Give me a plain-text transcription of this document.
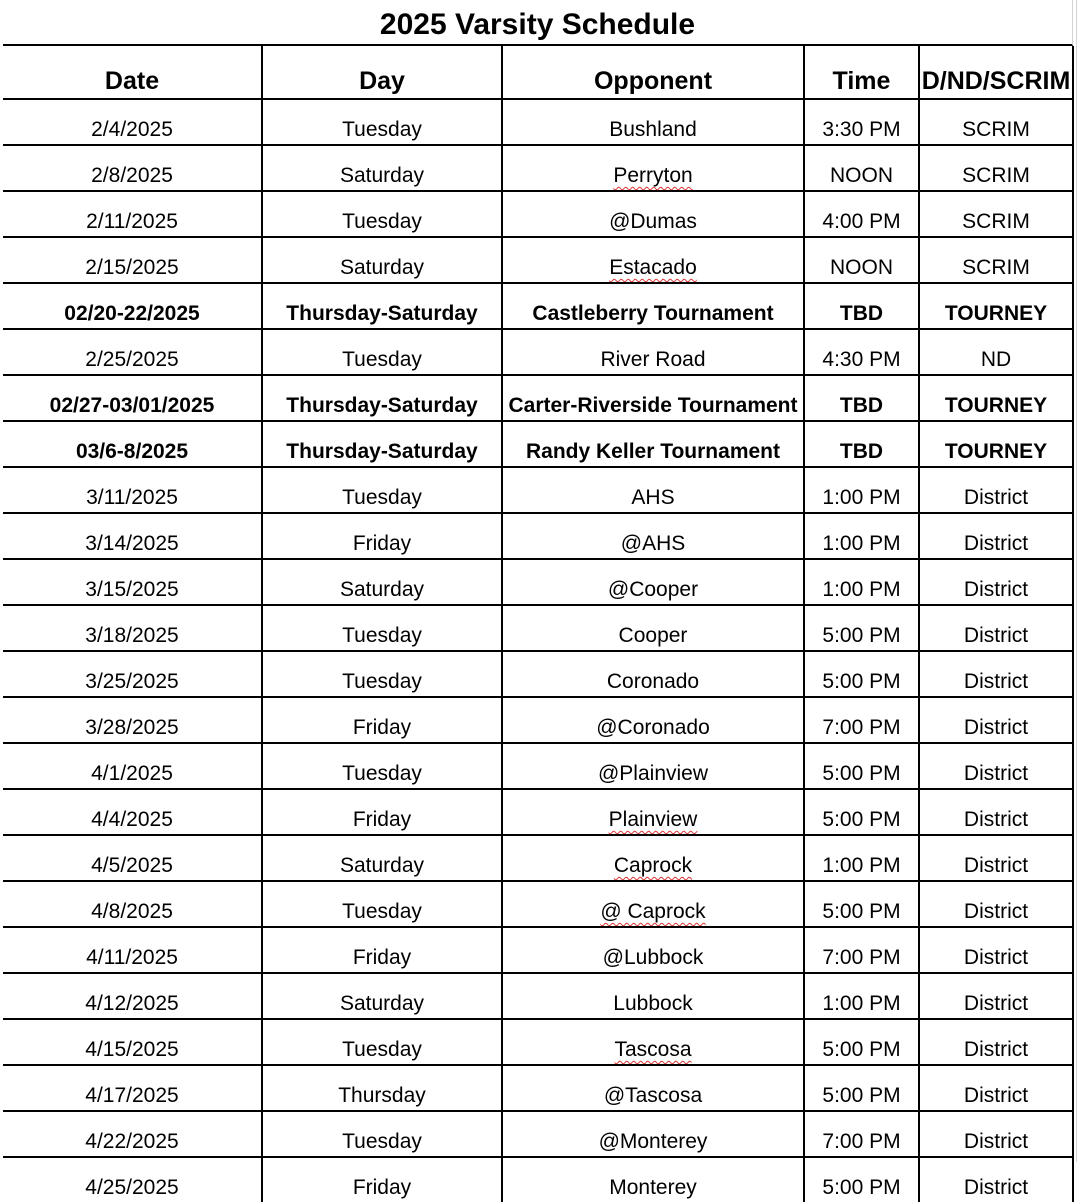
2025 Varsity Schedule
Date	Day	Opponent	Time	D/ND/SCRIM
2/4/2025	Tuesday	Bushland	3:30 PM	SCRIM
2/8/2025	Saturday	Perryton	NOON	SCRIM
2/11/2025	Tuesday	@Dumas	4:00 PM	SCRIM
2/15/2025	Saturday	Estacado	NOON	SCRIM
02/20-22/2025	Thursday-Saturday	Castleberry Tournament	TBD	TOURNEY
2/25/2025	Tuesday	River Road	4:30 PM	ND
02/27-03/01/2025	Thursday-Saturday	Carter-Riverside Tournament	TBD	TOURNEY
03/6-8/2025	Thursday-Saturday	Randy Keller Tournament	TBD	TOURNEY
3/11/2025	Tuesday	AHS	1:00 PM	District
3/14/2025	Friday	@AHS	1:00 PM	District
3/15/2025	Saturday	@Cooper	1:00 PM	District
3/18/2025	Tuesday	Cooper	5:00 PM	District
3/25/2025	Tuesday	Coronado	5:00 PM	District
3/28/2025	Friday	@Coronado	7:00 PM	District
4/1/2025	Tuesday	@Plainview	5:00 PM	District
4/4/2025	Friday	Plainview	5:00 PM	District
4/5/2025	Saturday	Caprock	1:00 PM	District
4/8/2025	Tuesday	@ Caprock	5:00 PM	District
4/11/2025	Friday	@Lubbock	7:00 PM	District
4/12/2025	Saturday	Lubbock	1:00 PM	District
4/15/2025	Tuesday	Tascosa	5:00 PM	District
4/17/2025	Thursday	@Tascosa	5:00 PM	District
4/22/2025	Tuesday	@Monterey	7:00 PM	District
4/25/2025	Friday	Monterey	5:00 PM	District
